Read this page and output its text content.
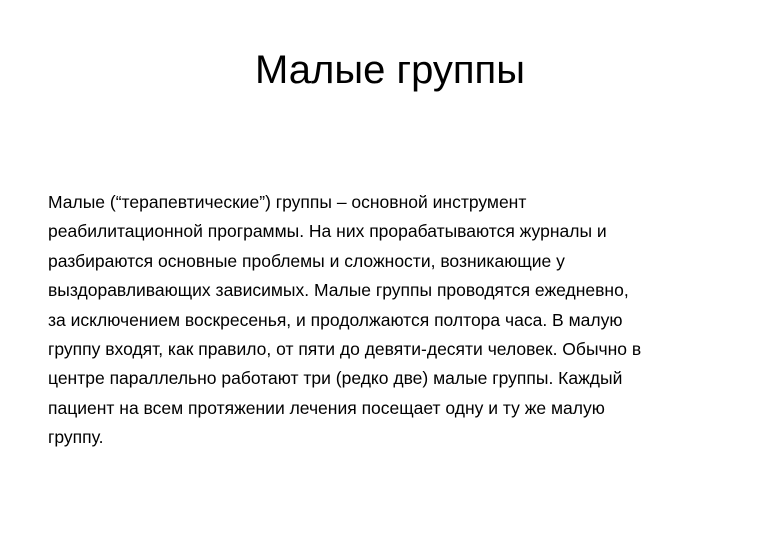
Малые группы
Малые (“терапевтические”) группы – основной инструмент
реабилитационной программы. На них прорабатываются журналы и
разбираются основные проблемы и сложности, возникающие у
выздоравливающих зависимых. Малые группы проводятся ежедневно,
за исключением воскресенья, и продолжаются полтора часа. В малую
группу входят, как правило, от пяти до девяти-десяти человек. Обычно в
центре параллельно работают три (редко две) малые группы. Каждый
пациент на всем протяжении лечения посещает одну и ту же малую
группу.
